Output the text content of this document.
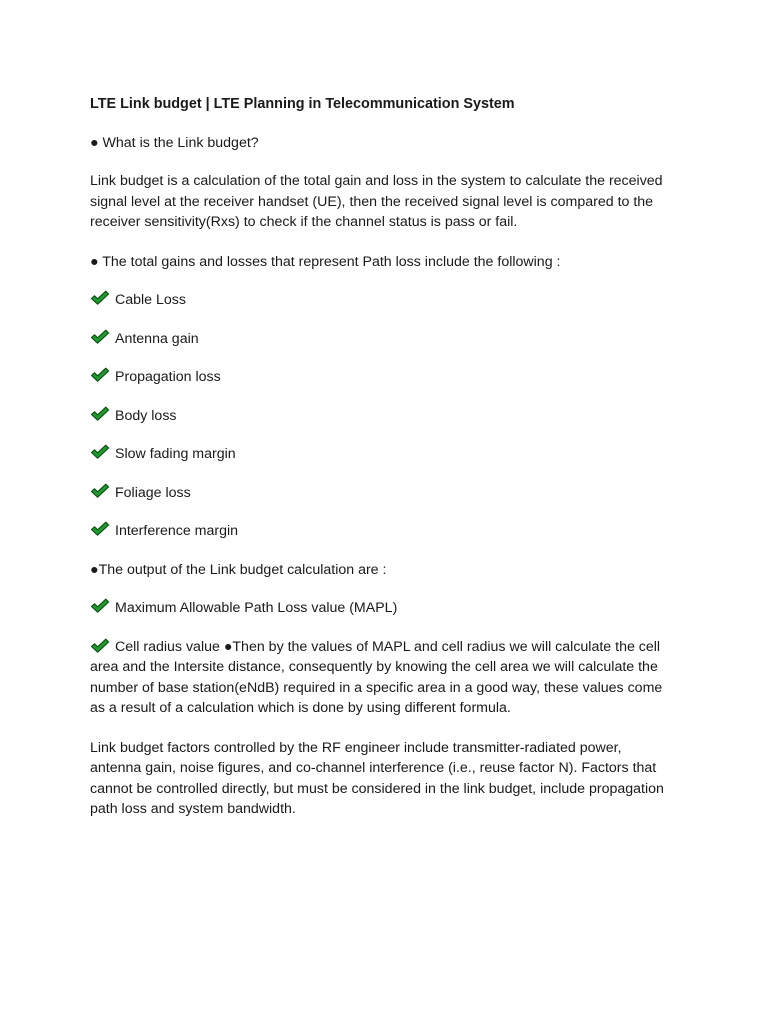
LTE Link budget | LTE Planning in Telecommunication System

● What is the Link budget?

Link budget is a calculation of the total gain and loss in the system to calculate the received signal level at the receiver handset (UE), then the received signal level is compared to the receiver sensitivity(Rxs) to check if the channel status is pass or fail.

● The total gains and losses that represent Path loss include the following :

Cable Loss
Antenna gain
Propagation loss
Body loss
Slow fading margin
Foliage loss
Interference margin

●The output of the Link budget calculation are :

Maximum Allowable Path Loss value (MAPL)

Cell radius value ●Then by the values of MAPL and cell radius we will calculate the cell area and the Intersite distance, consequently by knowing the cell area we will calculate the number of base station(eNdB) required in a specific area in a good way, these values come as a result of a calculation which is done by using different formula.

Link budget factors controlled by the RF engineer include transmitter-radiated power, antenna gain, noise figures, and co-channel interference (i.e., reuse factor N). Factors that cannot be controlled directly, but must be considered in the link budget, include propagation path loss and system bandwidth.
